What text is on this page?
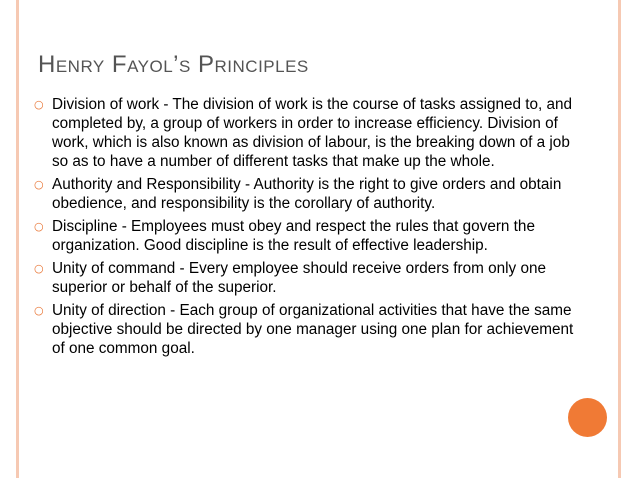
Henry Fayol’s Principles
○ Division of work - The division of work is the course of tasks assigned to, and completed by, a group of workers in order to increase efficiency. Division of work, which is also known as division of labour, is the breaking down of a job so as to have a number of different tasks that make up the whole.
○ Authority and Responsibility - Authority is the right to give orders and obtain obedience, and responsibility is the corollary of authority.
○ Discipline - Employees must obey and respect the rules that govern the organization. Good discipline is the result of effective leadership.
○ Unity of command - Every employee should receive orders from only one superior or behalf of the superior.
○ Unity of direction - Each group of organizational activities that have the same objective should be directed by one manager using one plan for achievement of one common goal.
